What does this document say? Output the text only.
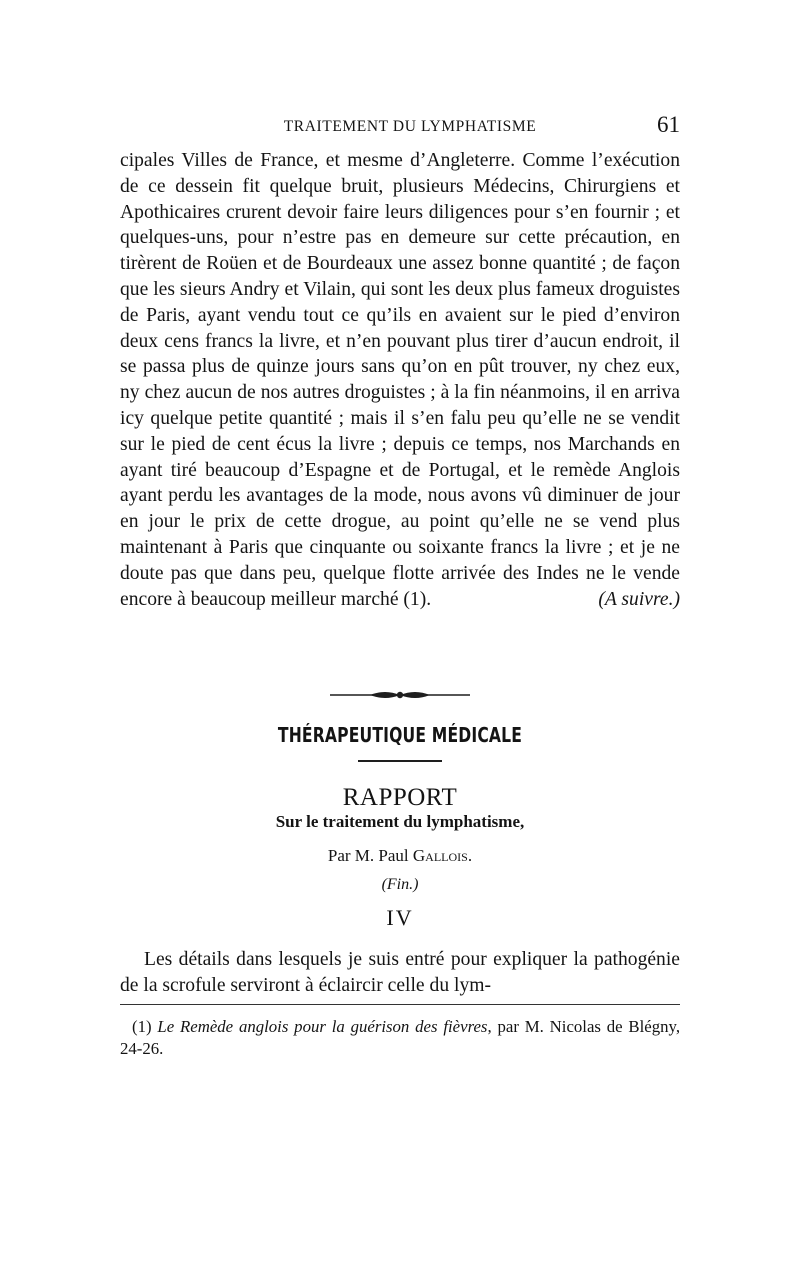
TRAITEMENT DU LYMPHATISME	61

cipales Villes de France, et mesme d’Angleterre. Comme l’exécution de ce dessein fit quelque bruit, plusieurs Médecins, Chirurgiens et Apothicaires crurent devoir faire leurs diligences pour s’en fournir ; et quelques-uns, pour n’estre pas en demeure sur cette précaution, en tirèrent de Roüen et de Bourdeaux une assez bonne quantité ; de façon que les sieurs Andry et Vilain, qui sont les deux plus fameux droguistes de Paris, ayant vendu tout ce qu’ils en avaient sur le pied d’environ deux cens francs la livre, et n’en pouvant plus tirer d’aucun endroit, il se passa plus de quinze jours sans qu’on en pût trouver, ny chez eux, ny chez aucun de nos autres droguistes ; à la fin néanmoins, il en arriva icy quelque petite quantité ; mais il s’en falu peu qu’elle ne se vendit sur le pied de cent écus la livre ; depuis ce temps, nos Marchands en ayant tiré beaucoup d’Espagne et de Portugal, et le remède Anglois ayant perdu les avantages de la mode, nous avons vû diminuer de jour en jour le prix de cette drogue, au point qu’elle ne se vend plus maintenant à Paris que cinquante ou soixante francs la livre ; et je ne doute pas que dans peu, quelque flotte arrivée des Indes ne le vende encore à beaucoup meilleur marché (1).	(A suivre.)

THÉRAPEUTIQUE MÉDICALE
RAPPORT
Sur le traitement du lymphatisme,
Par M. Paul Gallois.
(Fin.)
IV

Les détails dans lesquels je suis entré pour expliquer la pathogénie de la scrofule serviront à éclaircir celle du lym-

(1) Le Remède anglois pour la guérison des fièvres, par M. Nicolas de Blégny, 24-26.
